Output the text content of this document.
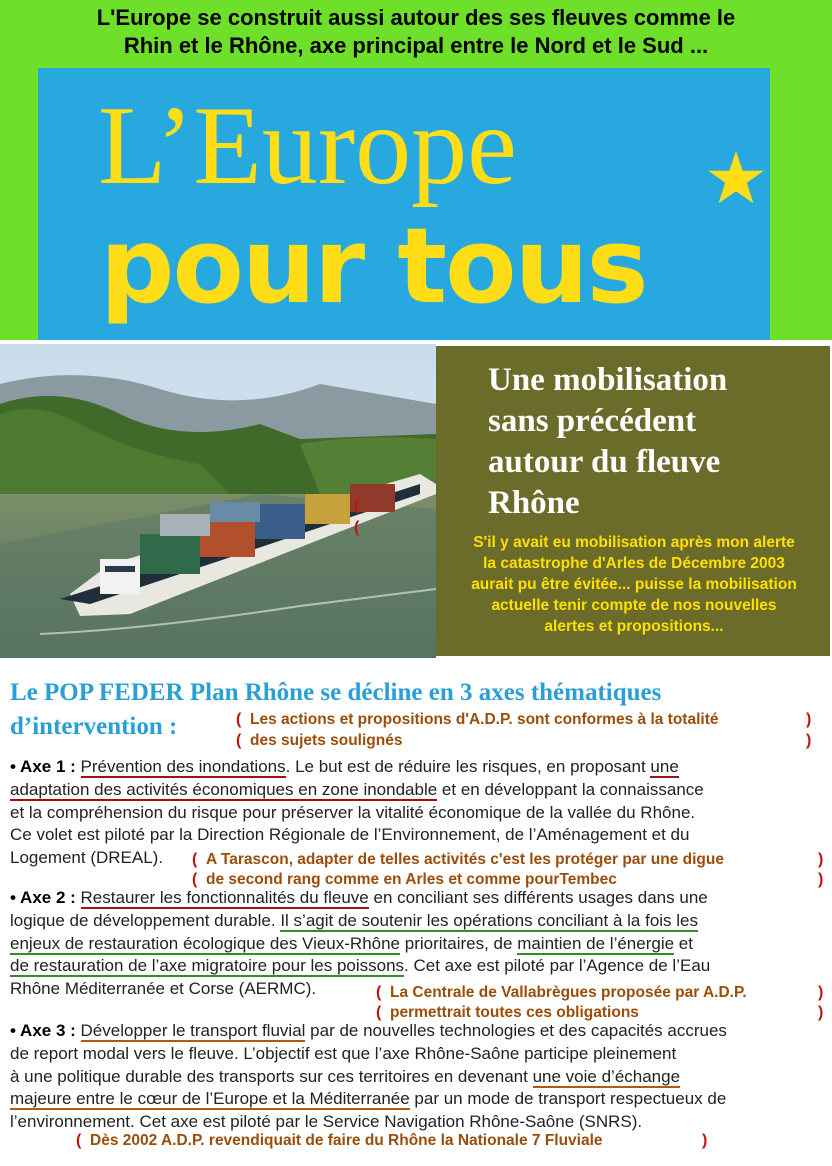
L'Europe se construit aussi autour des ses fleuves comme le
Rhin et le Rhône, axe principal entre le Nord et le Sud ...
L’Europe
pour tous
Une mobilisation
sans précédent
autour du fleuve
Rhône
S'il y avait eu mobilisation après mon alerte
la catastrophe d'Arles de Décembre 2003
aurait pu être évitée... puisse la mobilisation
actuelle tenir compte de nos nouvelles
alertes et propositions...
(
(
Le POP FEDER Plan Rhône se décline en 3 axes thématiques
d’intervention :	( Les actions et propositions d'A.D.P. sont conformes à la totalité	)
( des sujets soulignés	)
• Axe 1 : Prévention des inondations. Le but est de réduire les risques, en proposant une
adaptation des activités économiques en zone inondable et en développant la connaissance
et la compréhension du risque pour préserver la vitalité économique de la vallée du Rhône.
Ce volet est piloté par la Direction Régionale de l’Environnement, de l’Aménagement et du
Logement (DREAL).	( A Tarascon, adapter de telles activités c'est les protéger par une digue	)
( de second rang comme en Arles et comme pourTembec	)
• Axe 2 : Restaurer les fonctionnalités du fleuve en conciliant ses différents usages dans une
logique de développement durable. Il s’agit de soutenir les opérations conciliant à la fois les
enjeux de restauration écologique des Vieux-Rhône prioritaires, de maintien de l’énergie et
de restauration de l’axe migratoire pour les poissons. Cet axe est piloté par l’Agence de l’Eau
Rhône Méditerranée et Corse (AERMC).	( La Centrale de Vallabrègues proposée par A.D.P.	)
( permettrait toutes ces obligations	)
• Axe 3 : Développer le transport fluvial par de nouvelles technologies et des capacités accrues
de report modal vers le fleuve. L’objectif est que l’axe Rhône-Saône participe pleinement
à une politique durable des transports sur ces territoires en devenant une voie d’échange
majeure entre le cœur de l’Europe et la Méditerranée par un mode de transport respectueux de
l’environnement. Cet axe est piloté par le Service Navigation Rhône-Saône (SNRS).
( Dès 2002 A.D.P. revendiquait de faire du Rhône la Nationale 7 Fluviale	)
